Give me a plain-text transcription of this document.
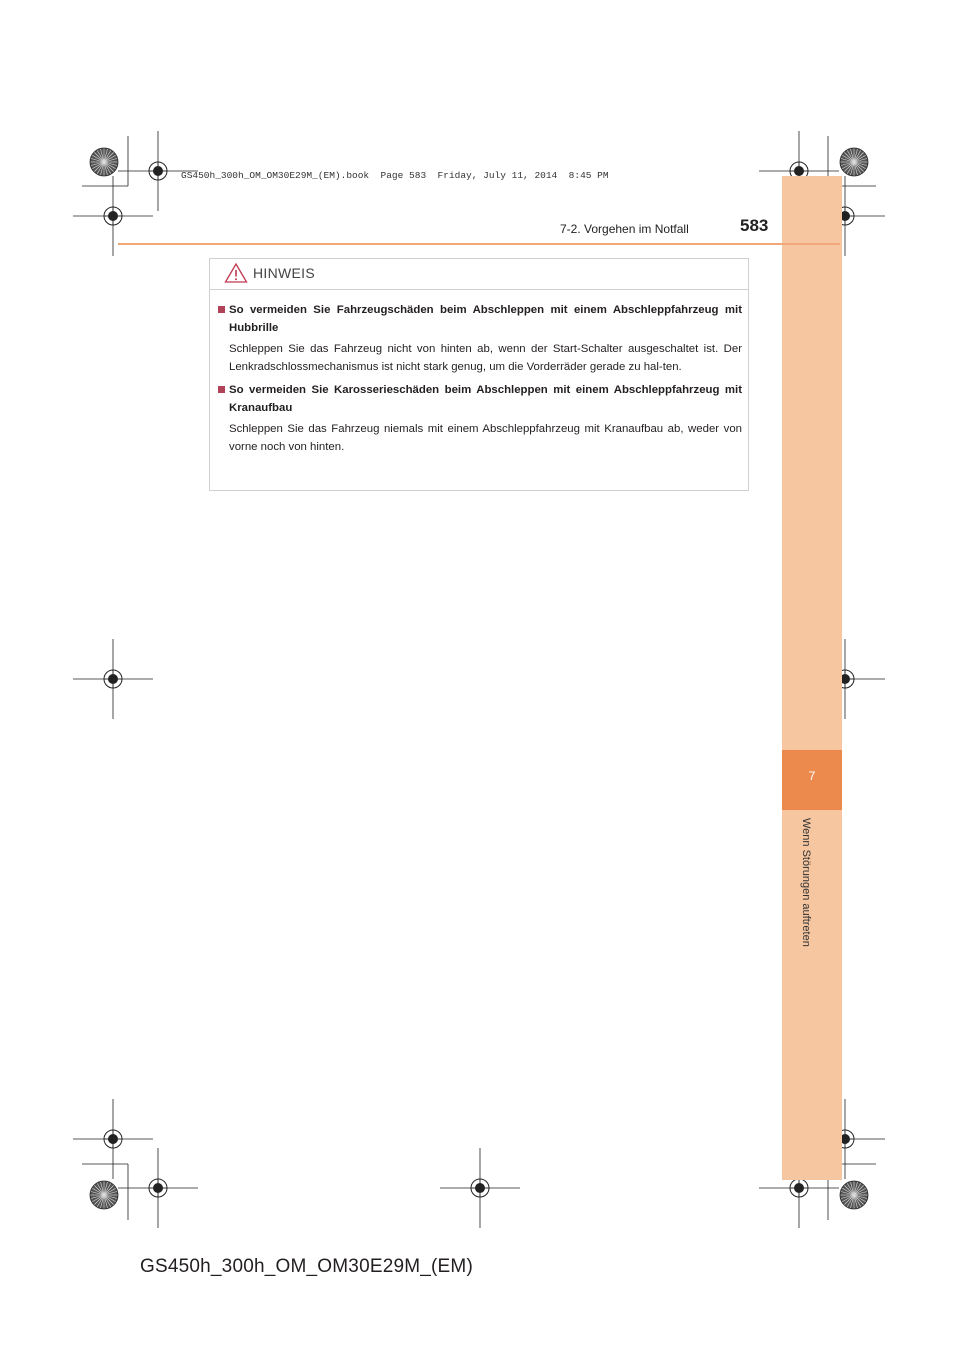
GS450h_300h_OM_OM30E29M_(EM).book  Page 583  Friday, July 11, 2014  8:45 PM
7
Wenn Störungen auftreten
7-2. Vorgehen im Notfall	583
HINWEIS
So vermeiden Sie Fahrzeugschäden beim Abschleppen mit einem Abschleppfahrzeug mit Hubbrille
Schleppen Sie das Fahrzeug nicht von hinten ab, wenn der Start-Schalter ausgeschaltet ist. Der Lenkradschlossmechanismus ist nicht stark genug, um die Vorderräder gerade zu hal-ten.
So vermeiden Sie Karosserieschäden beim Abschleppen mit einem Abschleppfahrzeug mit Kranaufbau
Schleppen Sie das Fahrzeug niemals mit einem Abschleppfahrzeug mit Kranaufbau ab, weder von vorne noch von hinten.
GS450h_300h_OM_OM30E29M_(EM)
